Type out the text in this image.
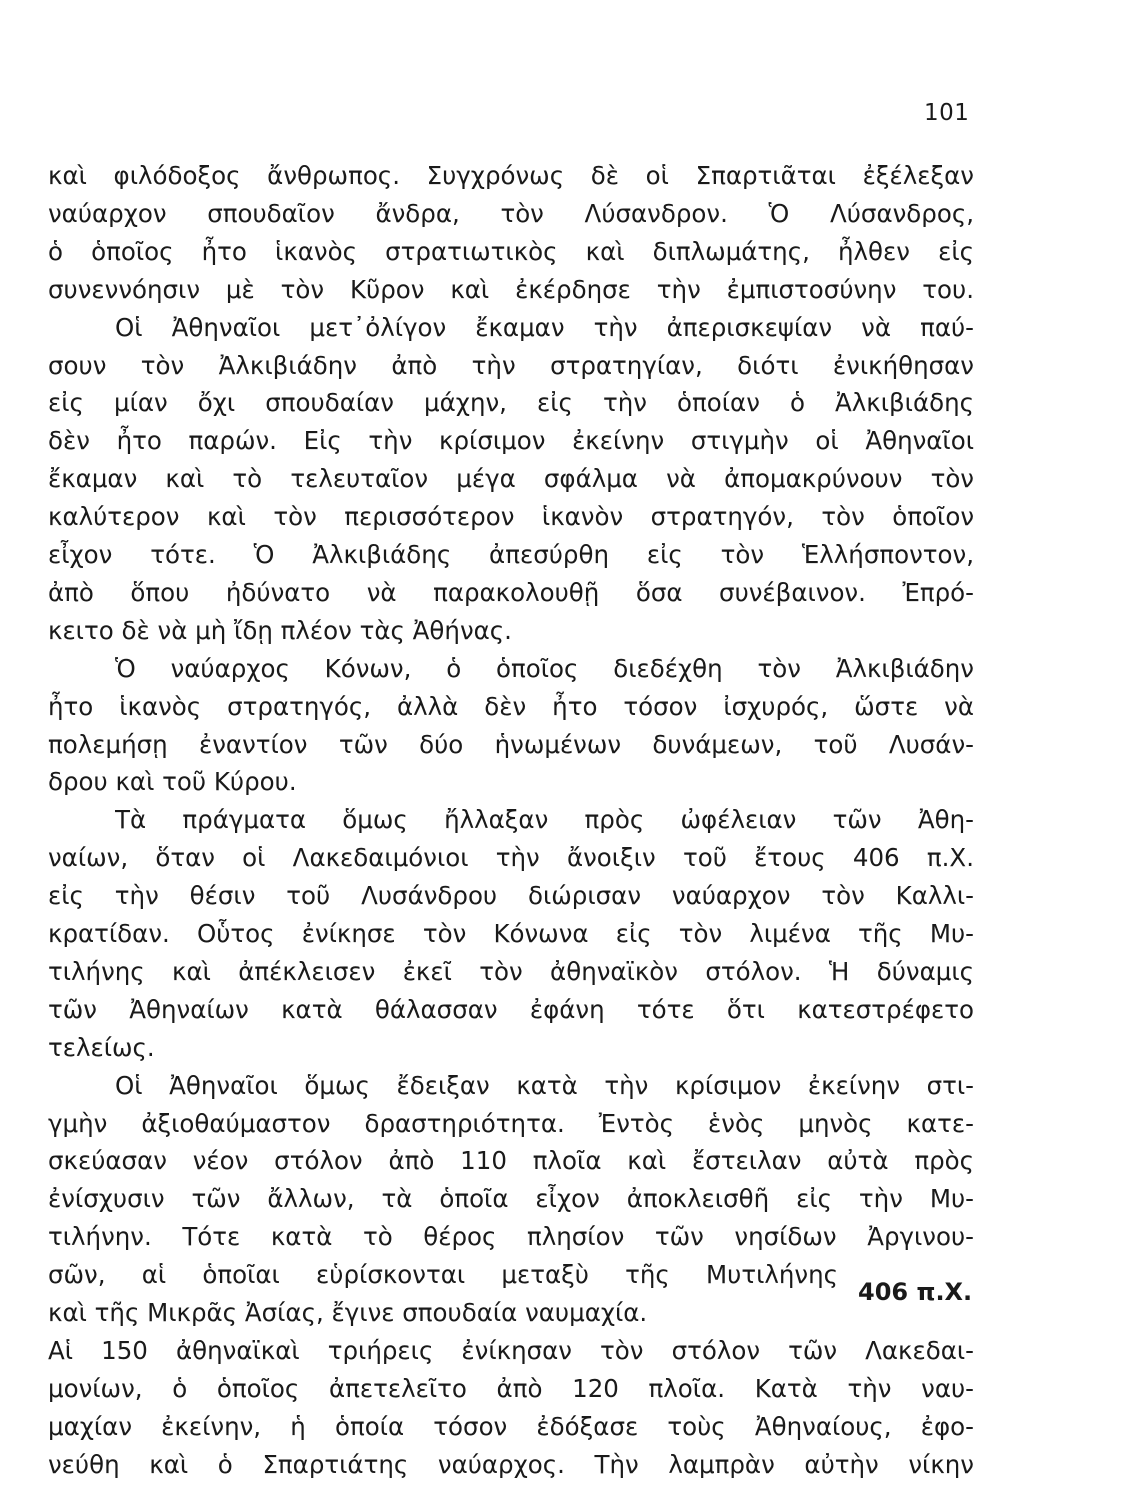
101
καὶ φιλόδοξος ἄνθρωπος. Συγχρόνως δὲ οἱ Σπαρτιᾶται ἐξέλεξαν
ναύαρχον σπουδαῖον ἄνδρα, τὸν Λύσανδρον. Ὁ Λύσανδρος,
ὁ ὁποῖος ἦτο ἱκανὸς στρατιωτικὸς καὶ διπλωμάτης, ἦλθεν εἰς
συνεννόησιν μὲ τὸν Κῦρον καὶ ἐκέρδησε τὴν ἐμπιστοσύνην του.
Οἱ Ἀθηναῖοι μετ᾽ὀλίγον ἔκαμαν τὴν ἀπερισκεψίαν νὰ παύ-
σουν τὸν Ἀλκιβιάδην ἀπὸ τὴν στρατηγίαν, διότι ἐνικήθησαν
εἰς μίαν ὄχι σπουδαίαν μάχην, εἰς τὴν ὁποίαν ὁ Ἀλκιβιάδης
δὲν ἦτο παρών. Εἰς τὴν κρίσιμον ἐκείνην στιγμὴν οἱ Ἀθηναῖοι
ἔκαμαν καὶ τὸ τελευταῖον μέγα σφάλμα νὰ ἀπομακρύνουν τὸν
καλύτερον καὶ τὸν περισσότερον ἱκανὸν στρατηγόν, τὸν ὁποῖον
εἶχον τότε. Ὁ Ἀλκιβιάδης ἀπεσύρθη εἰς τὸν Ἑλλήσποντον,
ἀπὸ ὅπου ἠδύνατο νὰ παρακολουθῇ ὅσα συνέβαινον. Ἐπρό-
κειτο δὲ νὰ μὴ ἴδῃ πλέον τὰς Ἀθήνας.
Ὁ ναύαρχος Κόνων, ὁ ὁποῖος διεδέχθη τὸν Ἀλκιβιάδην
ἦτο ἱκανὸς στρατηγός, ἀλλὰ δὲν ἦτο τόσον ἰσχυρός, ὥστε νὰ
πολεμήσῃ ἐναντίον τῶν δύο ἡνωμένων δυνάμεων, τοῦ Λυσάν-
δρου καὶ τοῦ Κύρου.
Τὰ πράγματα ὅμως ἤλλαξαν πρὸς ὠφέλειαν τῶν Ἀθη-
ναίων, ὅταν οἱ Λακεδαιμόνιοι τὴν ἄνοιξιν τοῦ ἔτους 406 π.Χ.
εἰς τὴν θέσιν τοῦ Λυσάνδρου διώρισαν ναύαρχον τὸν Καλλι-
κρατίδαν. Οὗτος ἐνίκησε τὸν Κόνωνα εἰς τὸν λιμένα τῆς Μυ-
τιλήνης καὶ ἀπέκλεισεν ἐκεῖ τὸν ἀθηναϊκὸν στόλον. Ἡ δύναμις
τῶν Ἀθηναίων κατὰ θάλασσαν ἐφάνη τότε ὅτι κατεστρέφετο
τελείως.
Οἱ Ἀθηναῖοι ὅμως ἔδειξαν κατὰ τὴν κρίσιμον ἐκείνην στι-
γμὴν ἀξιοθαύμαστον δραστηριότητα. Ἐντὸς ἑνὸς μηνὸς κατε-
σκεύασαν νέον στόλον ἀπὸ 110 πλοῖα καὶ ἔστειλαν αὐτὰ πρὸς
ἐνίσχυσιν τῶν ἄλλων, τὰ ὁποῖα εἶχον ἀποκλεισθῆ εἰς τὴν Μυ-
τιλήνην. Τότε κατὰ τὸ θέρος πλησίον τῶν νησίδων Ἀργινου-
σῶν, αἱ ὁποῖαι εὑρίσκονται μεταξὺ τῆς Μυτιλήνης
καὶ τῆς Μικρᾶς Ἀσίας, ἔγινε σπουδαία ναυμαχία.
Αἱ 150 ἀθηναϊκαὶ τριήρεις ἐνίκησαν τὸν στόλον τῶν Λακεδαι-
μονίων, ὁ ὁποῖος ἀπετελεῖτο ἀπὸ 120 πλοῖα. Κατὰ τὴν ναυ-
μαχίαν ἐκείνην, ἡ ὁποία τόσον ἐδόξασε τοὺς Ἀθηναίους, ἐφο-
νεύθη καὶ ὁ Σπαρτιάτης ναύαρχος. Τὴν λαμπρὰν αὐτὴν νίκην
406 π.Χ.
